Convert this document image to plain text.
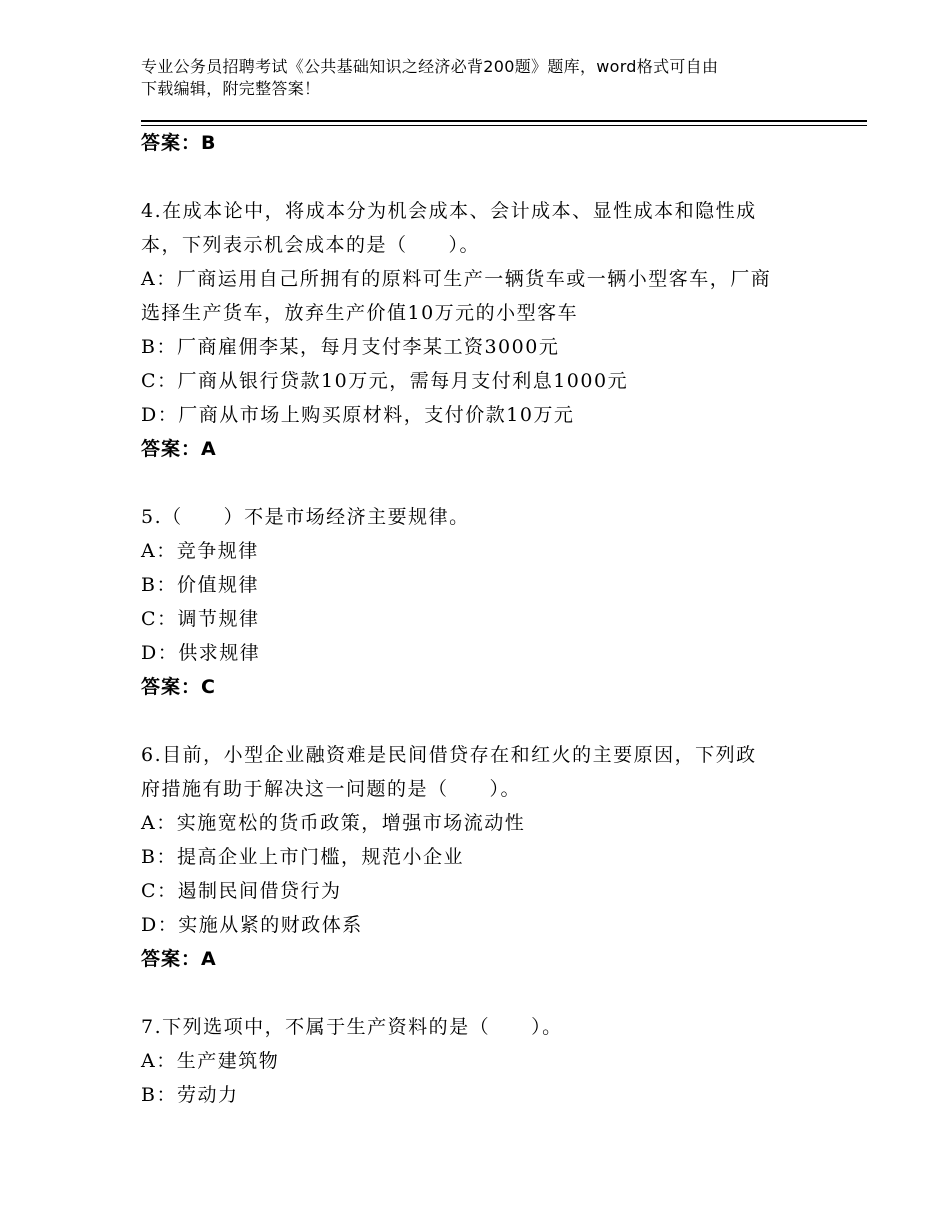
专业公务员招聘考试《公共基础知识之经济必背200题》题库，word格式可自由
下载编辑，附完整答案！
答案：B
4.在成本论中，将成本分为机会成本、会计成本、显性成本和隐性成
本，下列表示机会成本的是（　　）。
A：厂商运用自己所拥有的原料可生产一辆货车或一辆小型客车，厂商
选择生产货车，放弃生产价值10万元的小型客车
B：厂商雇佣李某，每月支付李某工资3000元
C：厂商从银行贷款10万元，需每月支付利息1000元
D：厂商从市场上购买原材料，支付价款10万元
答案：A
5.（　　）不是市场经济主要规律。
A：竞争规律
B：价值规律
C：调节规律
D：供求规律
答案：C
6.目前，小型企业融资难是民间借贷存在和红火的主要原因，下列政
府措施有助于解决这一问题的是（　　）。
A：实施宽松的货币政策，增强市场流动性
B：提高企业上市门槛，规范小企业
C：遏制民间借贷行为
D：实施从紧的财政体系
答案：A
7.下列选项中，不属于生产资料的是（　　）。
A：生产建筑物
B：劳动力
